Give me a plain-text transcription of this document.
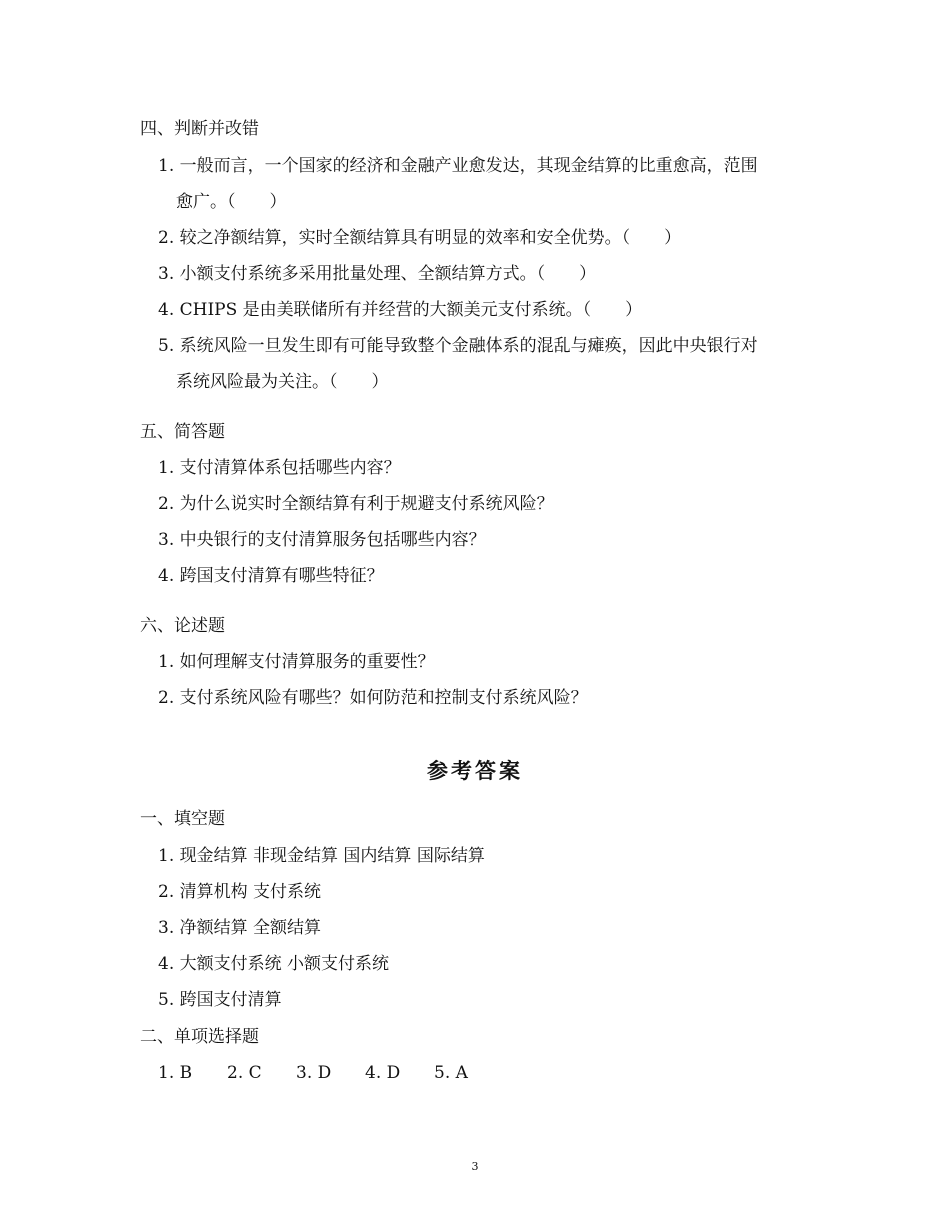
四、判断并改错
1. 一般而言，一个国家的经济和金融产业愈发达，其现金结算的比重愈高，范围
愈广。（　　）
2. 较之净额结算，实时全额结算具有明显的效率和安全优势。（　　）
3. 小额支付系统多采用批量处理、全额结算方式。（　　）
4. CHIPS 是由美联储所有并经营的大额美元支付系统。（　　）
5. 系统风险一旦发生即有可能导致整个金融体系的混乱与瘫痪，因此中央银行对
系统风险最为关注。（　　）
五、简答题
1. 支付清算体系包括哪些内容？
2. 为什么说实时全额结算有利于规避支付系统风险？
3. 中央银行的支付清算服务包括哪些内容？
4. 跨国支付清算有哪些特征？
六、论述题
1. 如何理解支付清算服务的重要性？
2. 支付系统风险有哪些？如何防范和控制支付系统风险？
参考答案
一、填空题
1. 现金结算 非现金结算 国内结算 国际结算
2. 清算机构 支付系统
3. 净额结算 全额结算
4. 大额支付系统 小额支付系统
5. 跨国支付清算
二、单项选择题
1. B	2. C	3. D	4. D	5. A
3
